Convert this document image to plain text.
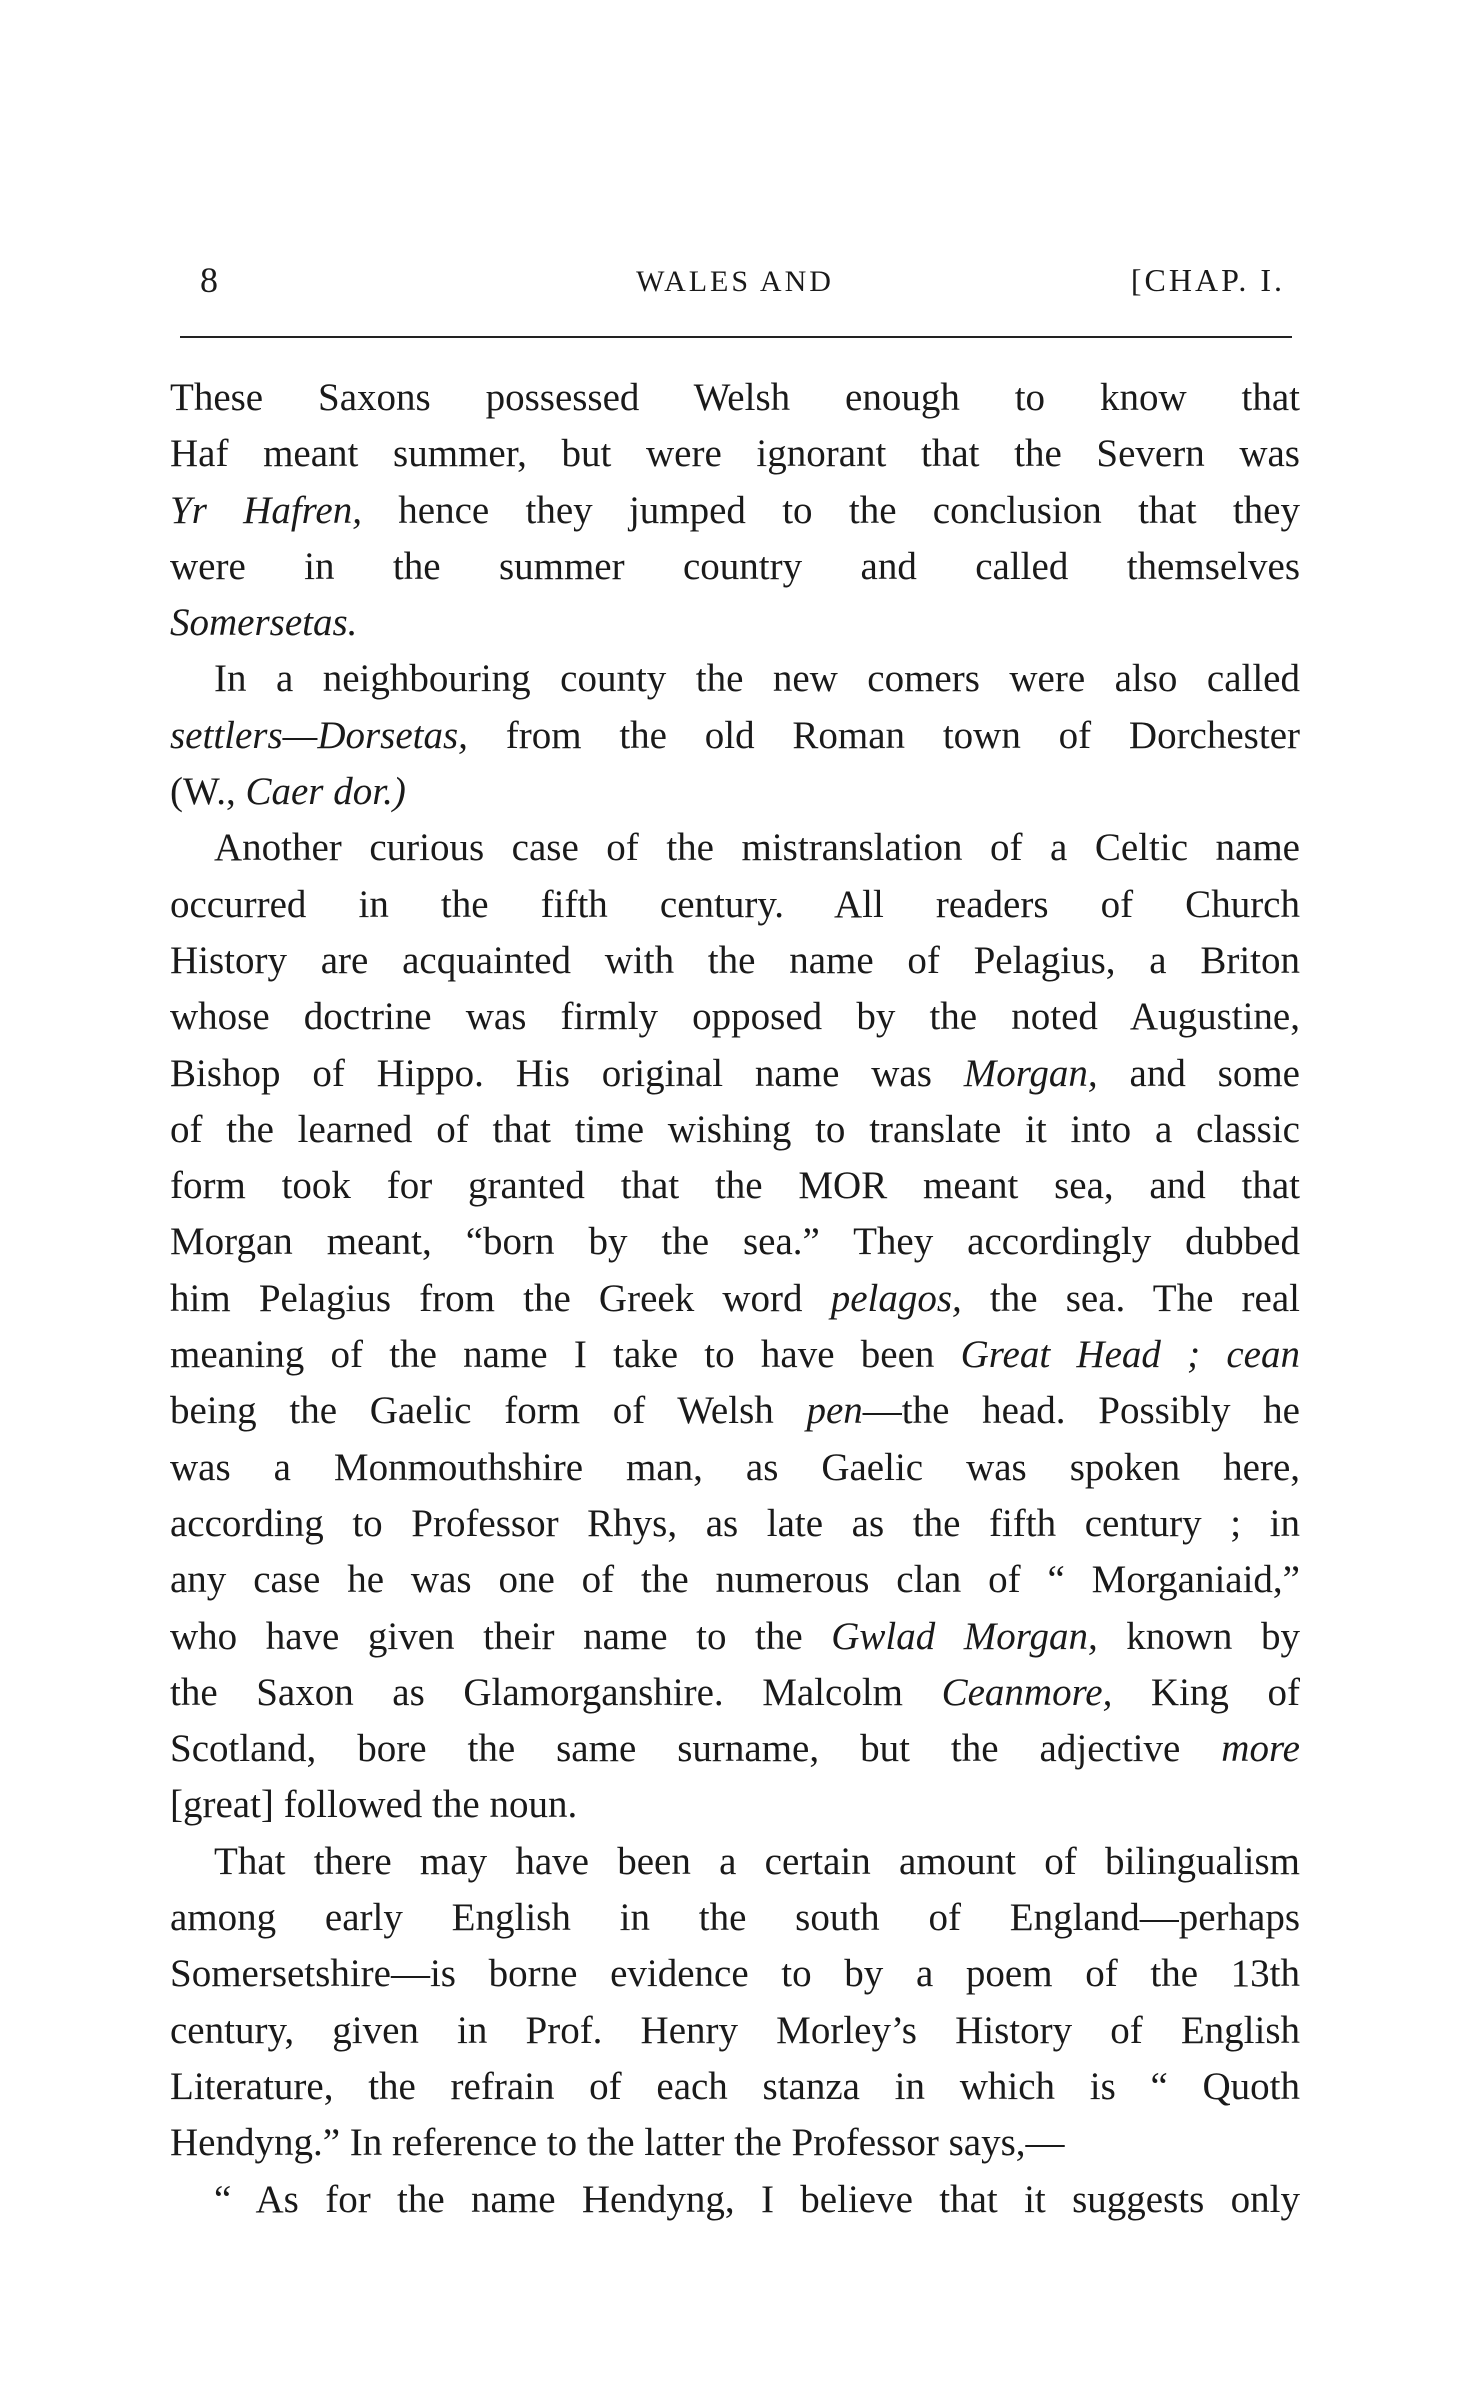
8	WALES AND	[CHAP. I.
These Saxons possessed Welsh enough to know that
Haf meant summer, but were ignorant that the Severn was
Yr Hafren, hence they jumped to the conclusion that they
were in the summer country and called themselves
Somersetas.
In a neighbouring county the new comers were also called
settlers—Dorsetas, from the old Roman town of Dorchester
(W., Caer dor.)
Another curious case of the mistranslation of a Celtic name
occurred in the fifth century. All readers of Church
History are acquainted with the name of Pelagius, a Briton
whose doctrine was firmly opposed by the noted Augustine,
Bishop of Hippo. His original name was Morgan, and some
of the learned of that time wishing to translate it into a classic
form took for granted that the MOR meant sea, and that
Morgan meant, “born by the sea.” They accordingly dubbed
him Pelagius from the Greek word pelagos, the sea. The real
meaning of the name I take to have been Great Head ; cean
being the Gaelic form of Welsh pen—the head. Possibly he
was a Monmouthshire man, as Gaelic was spoken here,
according to Professor Rhys, as late as the fifth century ; in
any case he was one of the numerous clan of “ Morganiaid,”
who have given their name to the Gwlad Morgan, known by
the Saxon as Glamorganshire. Malcolm Ceanmore, King of
Scotland, bore the same surname, but the adjective more
[great] followed the noun.
That there may have been a certain amount of bilingualism
among early English in the south of England—perhaps
Somersetshire—is borne evidence to by a poem of the 13th
century, given in Prof. Henry Morley’s History of English
Literature, the refrain of each stanza in which is “ Quoth
Hendyng.” In reference to the latter the Professor says,—
“ As for the name Hendyng, I believe that it suggests only
